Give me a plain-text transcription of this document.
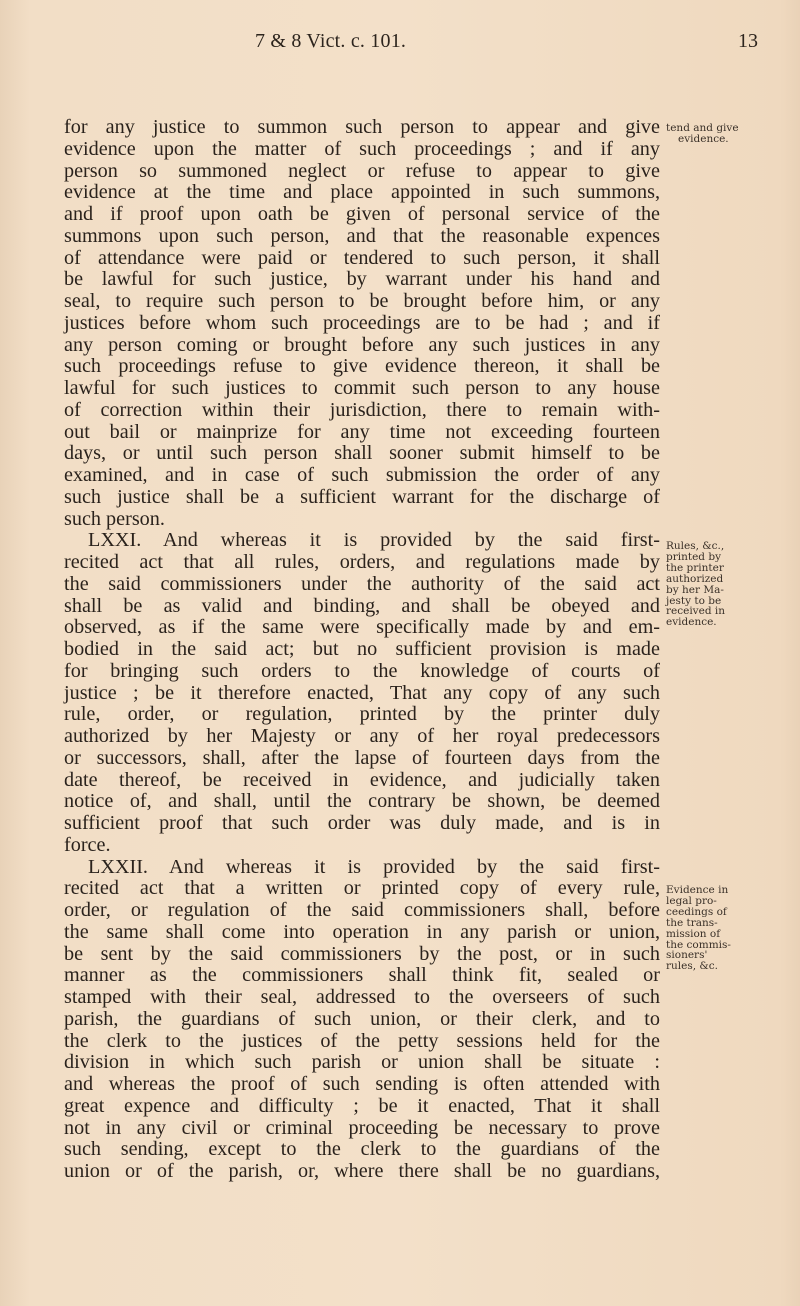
7 & 8 Vict. c. 101.	13
for any justice to summon such person to appear and give
evidence upon the matter of such proceedings ; and if any
person so summoned neglect or refuse to appear to give
evidence at the time and place appointed in such summons,
and if proof upon oath be given of personal service of the
summons upon such person, and that the reasonable expences
of attendance were paid or tendered to such person, it shall
be lawful for such justice, by warrant under his hand and
seal, to require such person to be brought before him, or any
justices before whom such proceedings are to be had ; and if
any person coming or brought before any such justices in any
such proceedings refuse to give evidence thereon, it shall be
lawful for such justices to commit such person to any house
of correction within their jurisdiction, there to remain with-
out bail or mainprize for any time not exceeding fourteen
days, or until such person shall sooner submit himself to be
examined, and in case of such submission the order of any
such justice shall be a sufficient warrant for the discharge of
such person.
LXXI. And whereas it is provided by the said first-
recited act that all rules, orders, and regulations made by
the said commissioners under the authority of the said act
shall be as valid and binding, and shall be obeyed and
observed, as if the same were specifically made by and em-
bodied in the said act; but no sufficient provision is made
for bringing such orders to the knowledge of courts of
justice ; be it therefore enacted, That any copy of any such
rule, order, or regulation, printed by the printer duly
authorized by her Majesty or any of her royal predecessors
or successors, shall, after the lapse of fourteen days from the
date thereof, be received in evidence, and judicially taken
notice of, and shall, until the contrary be shown, be deemed
sufficient proof that such order was duly made, and is in
force.
LXXII. And whereas it is provided by the said first-
recited act that a written or printed copy of every rule,
order, or regulation of the said commissioners shall, before
the same shall come into operation in any parish or union,
be sent by the said commissioners by the post, or in such
manner as the commissioners shall think fit, sealed or
stamped with their seal, addressed to the overseers of such
parish, the guardians of such union, or their clerk, and to
the clerk to the justices of the petty sessions held for the
division in which such parish or union shall be situate :
and whereas the proof of such sending is often attended with
great expence and difficulty ; be it enacted, That it shall
not in any civil or criminal proceeding be necessary to prove
such sending, except to the clerk to the guardians of the
union or of the parish, or, where there shall be no guardians,
tend and give
evidence.
Rules, &c.,
printed by
the printer
authorized
by her Ma-
jesty to be
received in
evidence.
Evidence in
legal pro-
ceedings of
the trans-
mission of
the commis-
sioners'
rules, &c.
